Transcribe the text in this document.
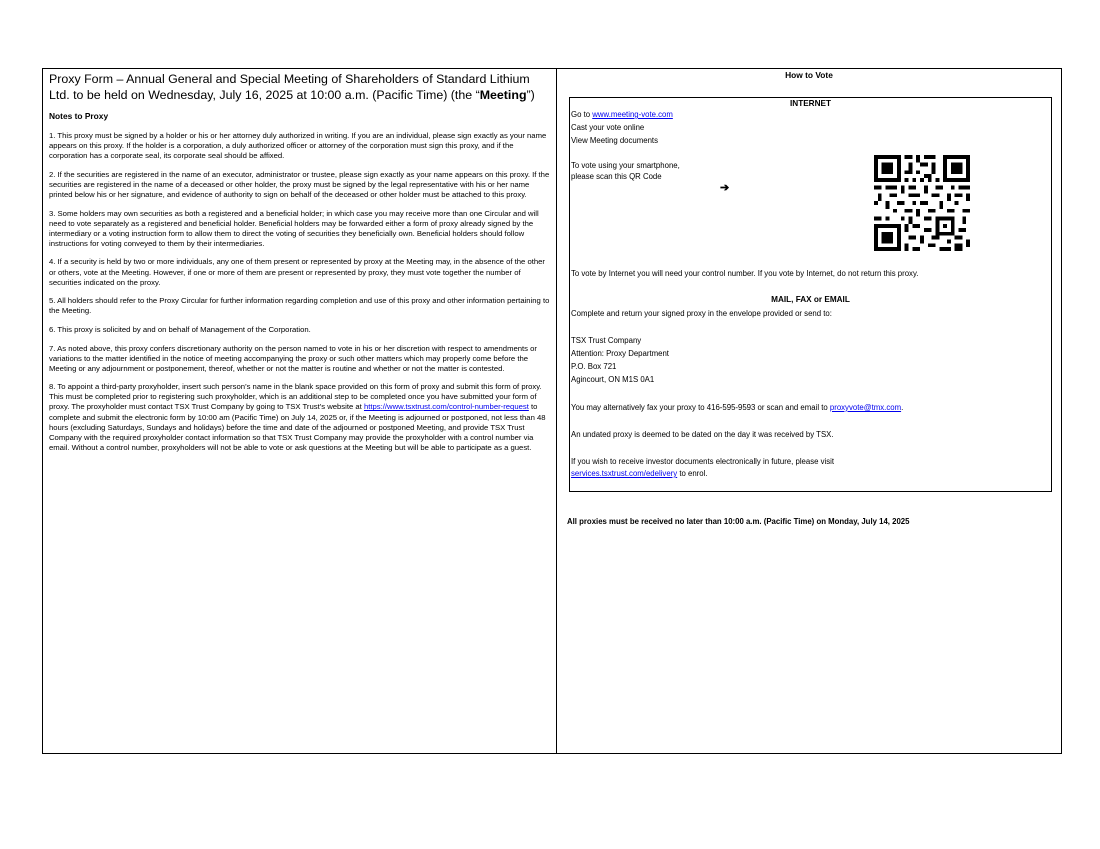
Proxy Form – Annual General and Special Meeting of Shareholders of Standard Lithium Ltd. to be held on Wednesday, July 16, 2025 at 10:00 a.m. (Pacific Time) (the “Meeting”)
Notes to Proxy

1. This proxy must be signed by a holder or his or her attorney duly authorized in writing. If you are an individual, please sign exactly as your name appears on this proxy. If the holder is a corporation, a duly authorized officer or attorney of the corporation must sign this proxy, and if the corporation has a corporate seal, its corporate seal should be affixed.

2. If the securities are registered in the name of an executor, administrator or trustee, please sign exactly as your name appears on this proxy. If the securities are registered in the name of a deceased or other holder, the proxy must be signed by the legal representative with his or her name printed below his or her signature, and evidence of authority to sign on behalf of the deceased or other holder must be attached to this proxy.

3. Some holders may own securities as both a registered and a beneficial holder; in which case you may receive more than one Circular and will need to vote separately as a registered and beneficial holder. Beneficial holders may be forwarded either a form of proxy already signed by the intermediary or a voting instruction form to allow them to direct the voting of securities they beneficially own. Beneficial holders should follow instructions for voting conveyed to them by their intermediaries.

4. If a security is held by two or more individuals, any one of them present or represented by proxy at the Meeting may, in the absence of the other or others, vote at the Meeting. However, if one or more of them are present or represented by proxy, they must vote together the number of securities indicated on the proxy.

5. All holders should refer to the Proxy Circular for further information regarding completion and use of this proxy and other information pertaining to the Meeting.

6. This proxy is solicited by and on behalf of Management of the Corporation.

7. As noted above, this proxy confers discretionary authority on the person named to vote in his or her discretion with respect to amendments or variations to the matter identified in the notice of meeting accompanying the proxy or such other matters which may properly come before the Meeting or any adjournment or postponement, thereof, whether or not the matter is routine and whether or not the matter is contested.

8. To appoint a third-party proxyholder, insert such person’s name in the blank space provided on this form of proxy and submit this form of proxy. This must be completed prior to registering such proxyholder, which is an additional step to be completed once you have submitted your form of proxy. The proxyholder must contact TSX Trust Company by going to TSX Trust's website at https://www.tsxtrust.com/control-number-request to complete and submit the electronic form by 10:00 am (Pacific Time) on July 14, 2025 or, if the Meeting is adjourned or postponed, not less than 48 hours (excluding Saturdays, Sundays and holidays) before the time and date of the adjourned or postponed Meeting, and provide TSX Trust Company with the required proxyholder contact information so that TSX Trust Company may provide the proxyholder with a control number via email. Without a control number, proxyholders will not be able to vote or ask questions at the Meeting but will be able to participate as a guest.

How to Vote
INTERNET
Go to www.meeting-vote.com
Cast your vote online
View Meeting documents
To vote using your smartphone,
please scan this QR Code
➔
To vote by Internet you will need your control number. If you vote by Internet, do not return this proxy.
MAIL, FAX or EMAIL
Complete and return your signed proxy in the envelope provided or send to:
TSX Trust Company
Attention: Proxy Department
P.O. Box 721
Agincourt, ON M1S 0A1
You may alternatively fax your proxy to 416-595-9593 or scan and email to proxyvote@tmx.com.
An undated proxy is deemed to be dated on the day it was received by TSX.
If you wish to receive investor documents electronically in future, please visit
services.tsxtrust.com/edelivery to enrol.
All proxies must be received no later than 10:00 a.m. (Pacific Time) on Monday, July 14, 2025
